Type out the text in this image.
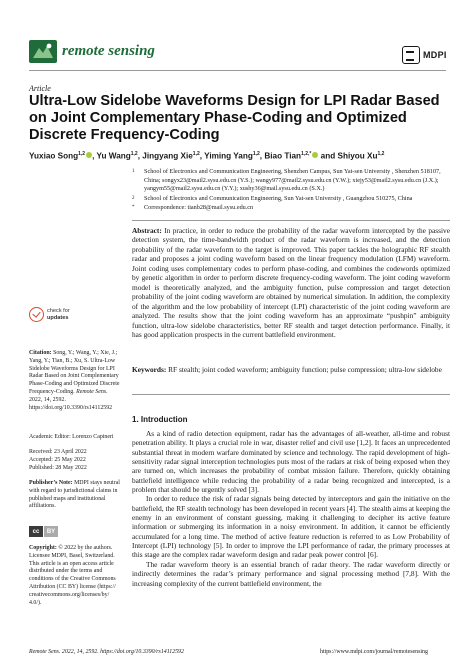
remote sensing	MDPI
Article
Ultra-Low Sidelobe Waveforms Design for LPI Radar Based on Joint Complementary Phase-Coding and Optimized Discrete Frequency-Coding
Yuxiao Song$^{1,2}$ , Yu Wang$^{1,2}$, Jingyang Xie$^{1,2}$, Yiming Yang$^{1,2}$, Biao Tian$^{1,2,*}$ and Shiyou Xu$^{1,2}$
1	School of Electronics and Communication Engineering, Shenzhen Campus, Sun Yat-sen University , Shenzhen 518107, China; songyx23@mail2.sysu.edu.cn (Y.S.); wangy977@mail2.sysu.edu.cn (Y.W.); xiejy53@mail2.sysu.edu.cn (J.X.); yangym55@mail2.sysu.edu.cn (Y.Y.); xushy36@mail.sysu.edu.cn (S.X.)
2	School of Electronics and Communication Engineering, Sun Yat-sen University , Guangzhou 510275, China
*	Correspondence: tianb28@mail.sysu.edu.cn
Abstract: In practice, in order to reduce the probability of the radar waveform intercepted by the passive detection system, the time-bandwidth product of the radar waveform is increased, and the detection probability of the radar waveform to the target is improved. This paper tackles the holographic RF stealth radar and proposes a joint coding waveform based on the linear frequency modulation (LFM) waveform. Joint coding uses complementary codes to perform phase-coding, and combines the codewords optimized by genetic algorithm in order to perform discrete frequency-coding waveform. The joint coding waveform model is theoretically analyzed, and the ambiguity function, pulse compression and target detection probability of the joint coding waveform are obtained by numerical simulation. In addition, the complexity of the algorithm and the low probability of intercept (LPI) characteristic of the joint coding waveform are analyzed. The results show that the joint coding waveform has an approximate “pushpin” ambiguity function, ultra-low sidelobe characteristics, better RF stealth and target detection performance. Finally, it has good application prospects in the current battlefield environment.
Keywords: RF stealth; joint coded waveform; ambiguity function; pulse compression; ultra-low sidelobe
1. Introduction

As a kind of radio detection equipment, radar has the advantages of all-weather, all-time and robust penetration ability. It plays a crucial role in war, disaster relief and civil use [1,2]. It faces an unprecedented substantial threat in modern warfare dominated by science and technology. The rapid development of high-sensitivity radar signal interception technologies puts most of the radars at risk of being exposed when they are turned on, which increases the probability of combat mission failure. Therefore, quickly obtaining battlefield intelligence while reducing the probability of a radar being recognized and intercepted, is a problem that should be urgently solved [3].

In order to reduce the risk of radar signals being detected by interceptors and gain the initiative on the battlefield, the RF stealth technology has been developed in recent years [4]. The stealth aims at keeping the enemy in an environment of constant guessing, making it challenging to decipher its active feature information or submerging its information in a noisy environment. In addition, it cannot be efficiently accumulated for a long time. The method of active feature reduction is referred to as Low Probability of Intercept (LPI) technology [5]. In order to improve the LPI performance of radar, the primary processes at this stage are the complex radar waveform design and radar peak power control [6].

The radar waveform theory is an essential branch of radar theory. The radar waveform directly or indirectly determines the radar’s primary performance and signal processing method [7,8]. With the increasing complexity of the current battlefield environment, the

check for
updates
Citation: Song, Y.; Wang, Y.; Xie, J.; Yang, Y.; Tian, B.; Xu, S. Ultra-Low Sidelobe Waveforms Design for LPI Radar Based on Joint Complementary Phase-Coding and Optimized Discrete Frequency-Coding. Remote Sens. 2022, 14, 2592. https://doi.org/10.3390/rs14112592
Academic Editor: Lorenzo Capineri
Received: 23 April 2022
Accepted: 25 May 2022
Published: 28 May 2022
Publisher’s Note: MDPI stays neutral with regard to jurisdictional claims in published maps and institutional affiliations.
cc	BY
Copyright: © 2022 by the authors. Licensee MDPI, Basel, Switzerland. This article is an open access article distributed under the terms and conditions of the Creative Commons Attribution (CC BY) license (https:// creativecommons.org/licenses/by/ 4.0/).
Remote Sens. 2022, 14, 2592. https://doi.org/10.3390/rs14112592	https://www.mdpi.com/journal/remotesensing
